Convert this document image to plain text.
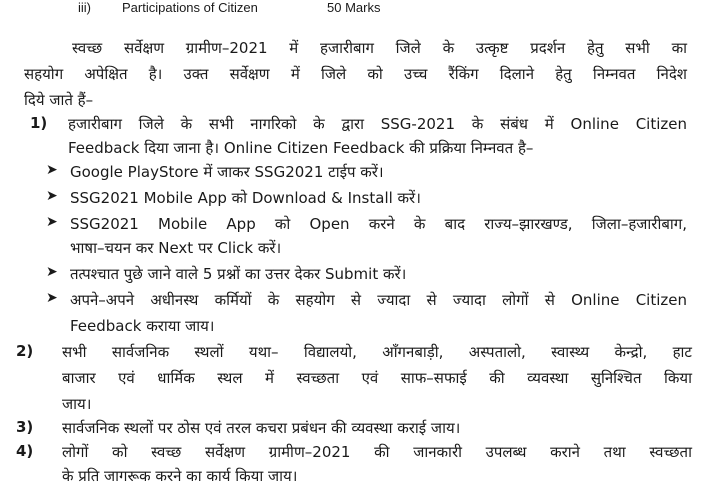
iii) Participations of Citizen	50 Marks
स्वच्छ सर्वेक्षण ग्रामीण–2021 में हजारीबाग जिले के उत्कृष्ट प्रदर्शन हेतु सभी का
सहयोग अपेक्षित है। उक्त सर्वेक्षण में जिले को उच्च रैंकिंग दिलाने हेतु निम्नवत निदेश
दिये जाते हैं–
1) हजारीबाग जिले के सभी नागरिको के द्वारा SSG-2021 के संबंध में Online Citizen
Feedback दिया जाना है। Online Citizen Feedback की प्रक्रिया निम्नवत है–
➤ Google PlayStore में जाकर SSG2021 टाईप करें।
➤ SSG2021 Mobile App को Download & Install करें।
➤ SSG2021 Mobile App को Open करने के बाद राज्य–झारखण्ड, जिला–हजारीबाग,
भाषा–चयन कर Next पर Click करें।
➤ तत्पश्चात पुछे जाने वाले 5 प्रश्नों का उत्तर देकर Submit करें।
➤ अपने–अपने अधीनस्थ कर्मियों के सहयोग से ज्यादा से ज्यादा लोगों से Online Citizen
Feedback कराया जाय।
2) सभी सार्वजनिक स्थलों यथा– विद्यालयो, आँगनबाड़ी, अस्पतालो, स्वास्थ्य केन्द्रो, हाट
बाजार एवं धार्मिक स्थल में स्वच्छता एवं साफ–सफाई की व्यवस्था सुनिश्चित किया
जाय।
3) सार्वजनिक स्थलों पर ठोस एवं तरल कचरा प्रबंधन की व्यवस्था कराई जाय।
4) लोगों को स्वच्छ सर्वेक्षण ग्रामीण–2021 की जानकारी उपलब्ध कराने तथा स्वच्छता
के प्रति जागरूक करने का कार्य किया जाय।
